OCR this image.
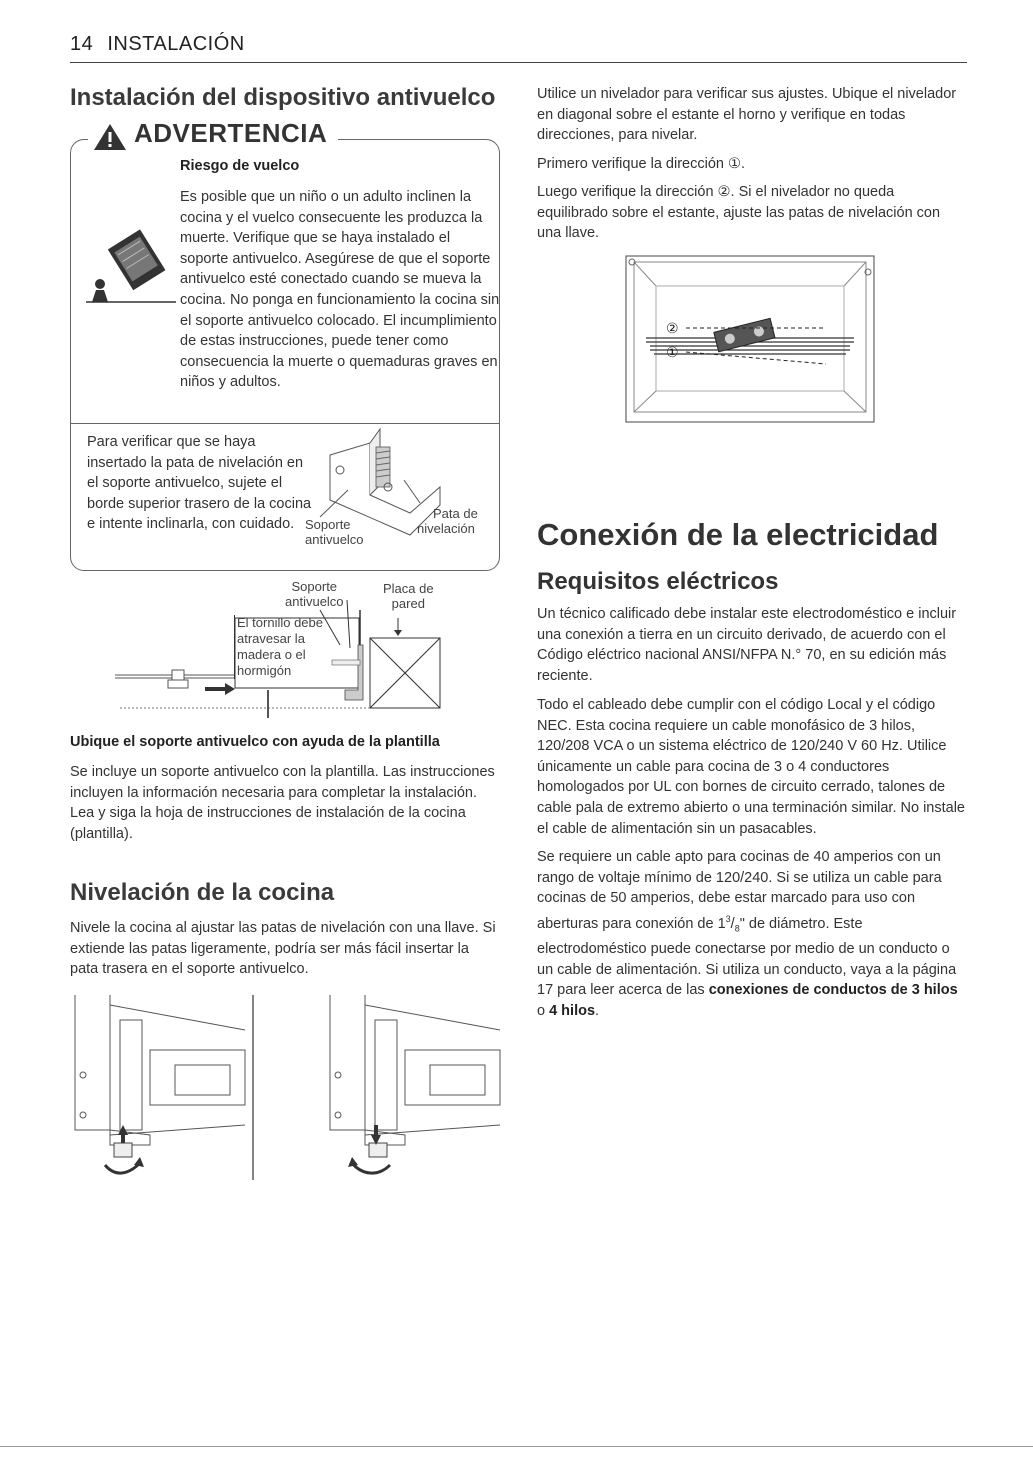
14 INSTALACIÓN
Instalación del dispositivo antivuelco
ADVERTENCIA
Riesgo de vuelco

Es posible que un niño o un adulto inclinen la cocina y el vuelco consecuente les produzca la muerte. Verifique que se haya instalado el soporte antivuelco. Asegúrese de que el soporte antivuelco esté conectado cuando se mueva la cocina. No ponga en funcionamiento la cocina sin el soporte antivuelco colocado. El incumplimiento de estas instrucciones, puede tener como consecuencia la muerte o quemaduras graves en niños y adultos.

Para verificar que se haya insertado la pata de nivelación en el soporte antivuelco, sujete el borde superior trasero de la cocina e intente inclinarla, con cuidado.

Pata de
nivelación
Soporte
antivuelco
Soporte
antivuelco
Placa de
pared
El tornillo debe
atravesar la
madera o el
hormigón
Ubique el soporte antivuelco con ayuda de la plantilla

Se incluye un soporte antivuelco con la plantilla. Las instrucciones incluyen la información necesaria para completar la instalación. Lea y siga la hoja de instrucciones de instalación de la cocina (plantilla).

Nivelación de la cocina

Nivele la cocina al ajustar las patas de nivelación con una llave. Si extiende las patas ligeramente, podría ser más fácil insertar la pata trasera en el soporte antivuelco.

Utilice un nivelador para verificar sus ajustes. Ubique el nivelador en diagonal sobre el estante el horno y verifique en todas direcciones, para nivelar.

Primero verifique la dirección ①.

Luego verifique la dirección ②. Si el nivelador no queda equilibrado sobre el estante, ajuste las patas de nivelación con una llave.

②
①
Conexión de la electricidad
Requisitos eléctricos

Un técnico calificado debe instalar este electrodoméstico e incluir una conexión a tierra en un circuito derivado, de acuerdo con el Código eléctrico nacional ANSI/NFPA N.° 70, en su edición más reciente.

Todo el cableado debe cumplir con el código Local y el código NEC. Esta cocina requiere un cable monofásico de 3 hilos, 120/208 VCA o un sistema eléctrico de 120/240 V 60 Hz. Utilice únicamente un cable para cocina de 3 o 4 conductores homologados por UL con bornes de circuito cerrado, talones de cable pala de extremo abierto o una terminación similar. No instale el cable de alimentación sin un pasacables.

Se requiere un cable apto para cocinas de 40 amperios con un rango de voltaje mínimo de 120/240. Si se utiliza un cable para cocinas de 50 amperios, debe estar marcado para uso con aberturas para conexión de $1^3/_8$" de diámetro. Este electrodoméstico puede conectarse por medio de un conducto o un cable de alimentación. Si utiliza un conducto, vaya a la página 17 para leer acerca de las conexiones de conductos de 3 hilos o 4 hilos.
